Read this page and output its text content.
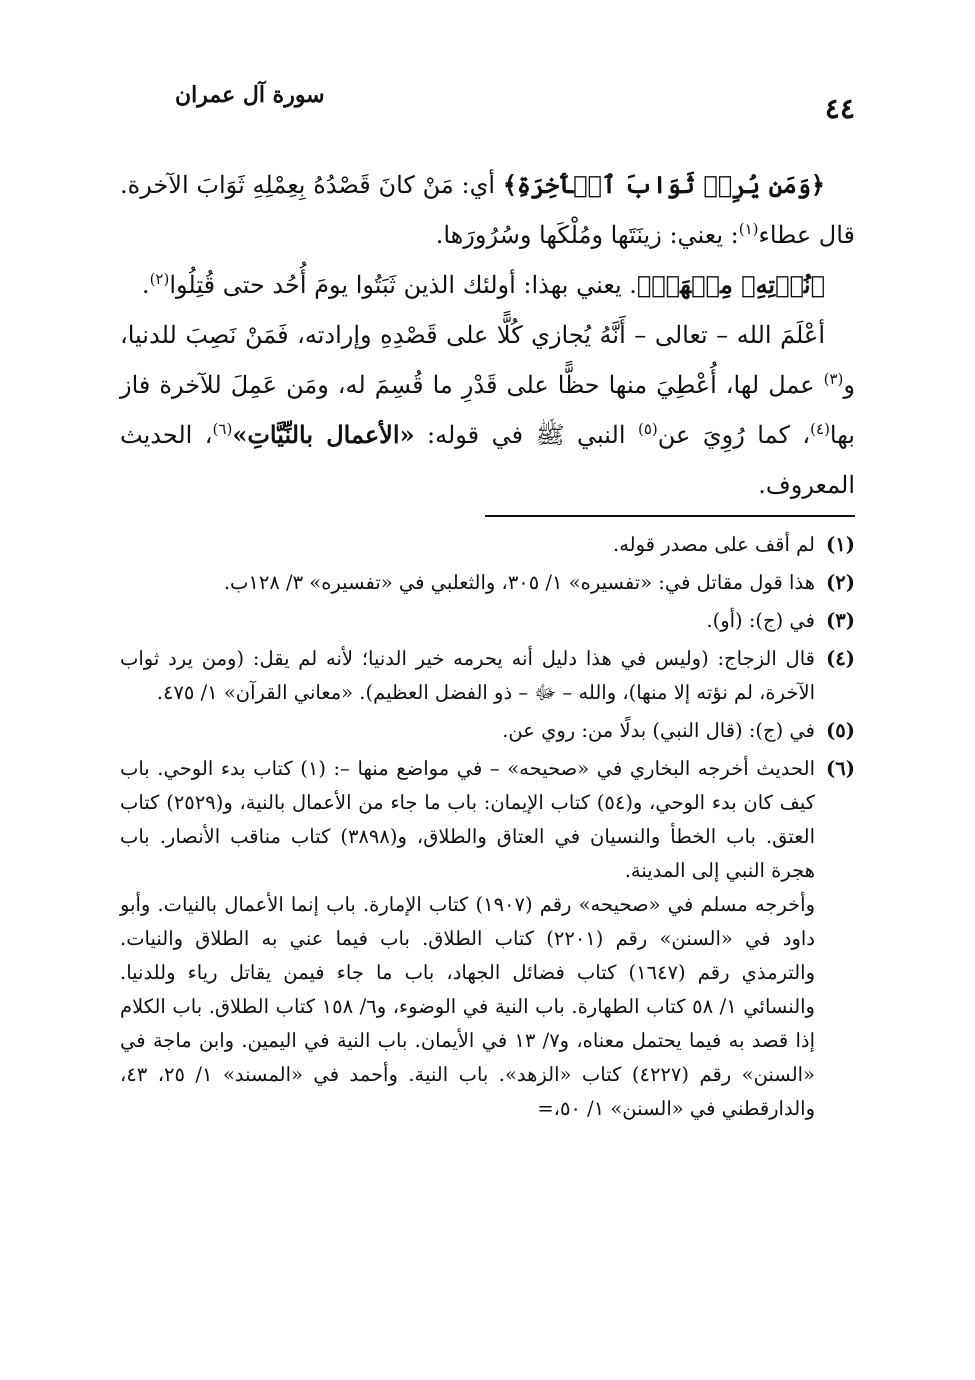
٤٤
سورة آل عمران

﴿وَمَن يُرِدۡ ثَوَابَ ٱلۡأٓخِرَةِ﴾ أي: مَنْ كانَ قَصْدُهُ بِعِمْلِهِ ثَوَابَ الآخرة. قال عطاء$^{(١)}$: يعني: زينَتَها ومُلْكَها وسُرُورَها.

﴿نُؤۡتِهِۦ مِنۡهَاۚ﴾. يعني بهذا: أولئك الذين ثَبَتُوا يومَ أُحُد حتى قُتِلُوا$^{(٢)}$.

أعْلَمَ الله – تعالى – أَنَّهُ يُجازي كُلًّا على قَصْدِهِ وإرادته، فَمَنْ نَصِبَ للدنيا، و$^{(٣)}$ عمل لها، أُعْطِيَ منها حظًّا على قَدْرِ ما قُسِمَ له، ومَن عَمِلَ للآخرة فاز بها$^{(٤)}$، كما رُوِيَ عن$^{(٥)}$ النبي ﷺ في قوله: «الأعمال بالنِّيَّاتِ»$^{(٦)}$، الحديث المعروف.

(١)
لم أقف على مصدر قوله.
(٢)
هذا قول مقاتل في: «تفسيره» ١/ ٣٠٥، والثعلبي في «تفسيره» ٣/ ١٢٨ب.
(٣)
في (ج): (أو).
(٤)
قال الزجاج: (وليس في هذا دليل أنه يحرمه خير الدنيا؛ لأنه لم يقل: (ومن يرد ثواب الآخرة، لم نؤته إلا منها)، والله – ﷻ – ذو الفضل العظيم). «معاني القرآن» ١/ ٤٧٥.
(٥)
في (ج): (قال النبي) بدلًا من: روي عن.
(٦)
الحديث أخرجه البخاري في «صحيحه» – في مواضع منها –: (١) كتاب بدء الوحي. باب كيف كان بدء الوحي، و(٥٤) كتاب الإيمان: باب ما جاء من الأعمال بالنية، و(٢٥٢٩) كتاب العتق. باب الخطأ والنسيان في العتاق والطلاق، و(٣٨٩٨) كتاب مناقب الأنصار. باب هجرة النبي إلى المدينة.

وأخرجه مسلم في «صحيحه» رقم (١٩٠٧) كتاب الإمارة. باب إنما الأعمال بالنيات. وأبو داود في «السنن» رقم (٢٢٠١) كتاب الطلاق. باب فيما عني به الطلاق والنيات. والترمذي رقم (١٦٤٧) كتاب فضائل الجهاد، باب ما جاء فيمن يقاتل رياء وللدنيا. والنسائي ١/ ٥٨ كتاب الطهارة. باب النية في الوضوء، و٦/ ١٥٨ كتاب الطلاق. باب الكلام إذا قصد به فيما يحتمل معناه، و٧/ ١٣ في الأيمان. باب النية في اليمين. وابن ماجة في «السنن» رقم (٤٢٢٧) كتاب «الزهد». باب النية. وأحمد في «المسند» ١/ ٢٥، ٤٣، والدارقطني في «السنن» ١/ ٥٠،=
